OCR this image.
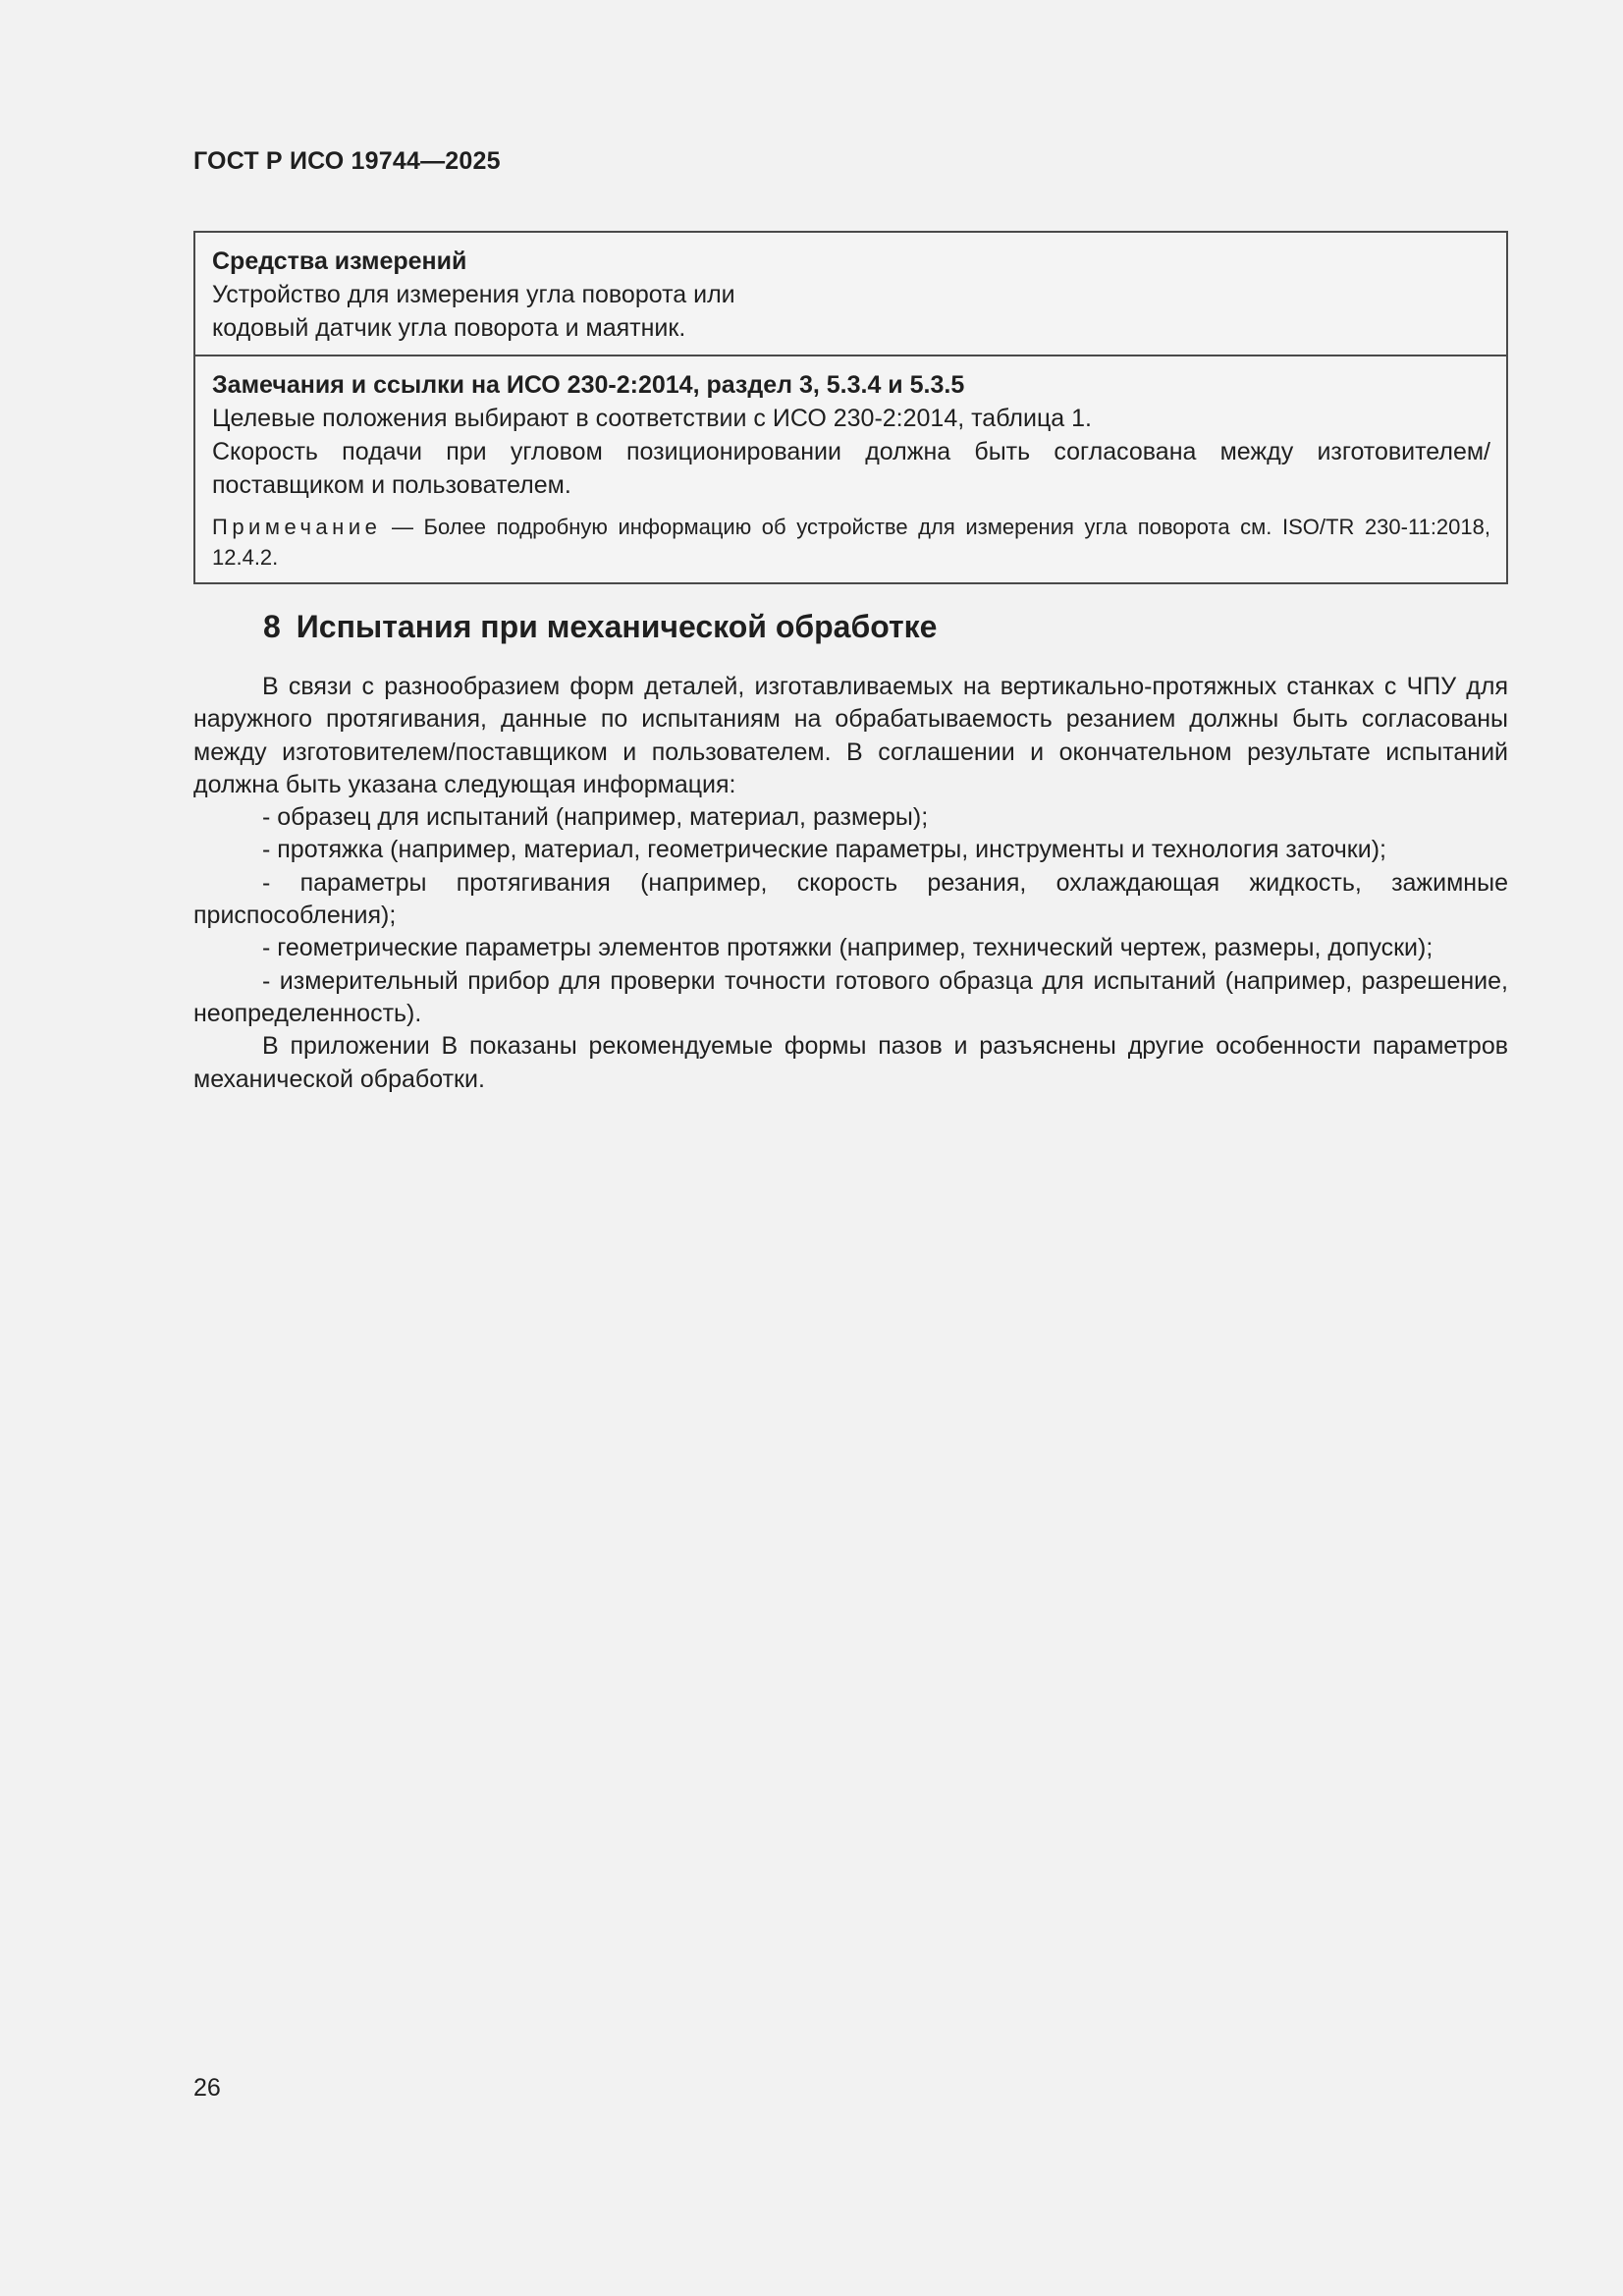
ГОСТ Р ИСО 19744—2025
Средства измерений
Устройство для измерения угла поворота или
кодовый датчик угла поворота и маятник.
Замечания и ссылки на ИСО 230-2:2014, раздел 3, 5.3.4 и 5.3.5
Целевые положения выбирают в соответствии с ИСО 230-2:2014, таблица 1.
Скорость подачи при угловом позиционировании должна быть согласована между изготовителем/ поставщиком и пользователем.
Примечание — Более подробную информацию об устройстве для измерения угла поворота см. ISO/TR 230-11:2018, 12.4.2.
8 Испытания при механической обработке

В связи с разнообразием форм деталей, изготавливаемых на вертикально-протяжных станках с ЧПУ для наружного протягивания, данные по испытаниям на обрабатываемость резанием должны быть согласованы между изготовителем/поставщиком и пользователем. В соглашении и окончательном результате испытаний должна быть указана следующая информация:

- образец для испытаний (например, материал, размеры);

- протяжка (например, материал, геометрические параметры, инструменты и технология заточки);

- параметры протягивания (например, скорость резания, охлаждающая жидкость, зажимные приспособления);

- геометрические параметры элементов протяжки (например, технический чертеж, размеры, допуски);

- измерительный прибор для проверки точности готового образца для испытаний (например, разрешение, неопределенность).

В приложении В показаны рекомендуемые формы пазов и разъяснены другие особенности параметров механической обработки.

26
